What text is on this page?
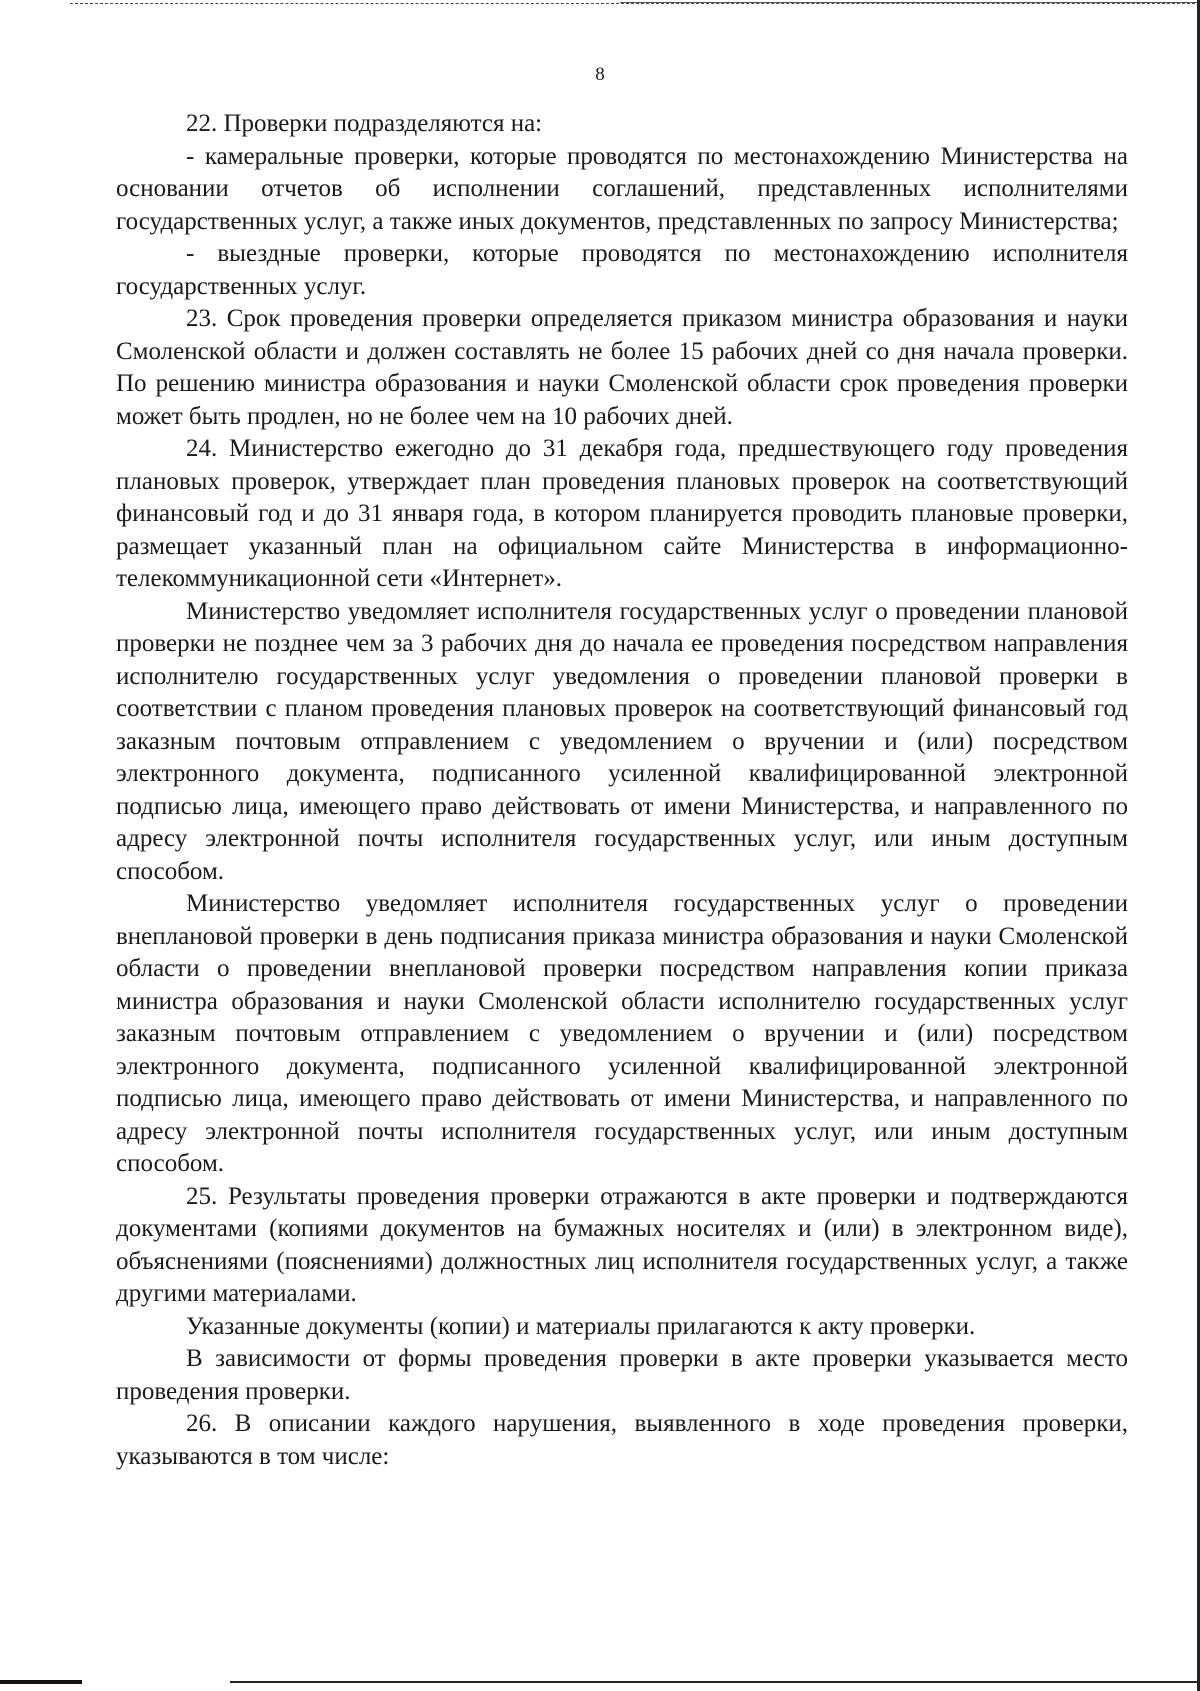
8

22. Проверки подразделяются на:

- камеральные проверки, которые проводятся по местонахождению Министерства на основании отчетов об исполнении соглашений, представленных исполнителями государственных услуг, а также иных документов, представленных по запросу Министерства;

- выездные проверки, которые проводятся по местонахождению исполнителя государственных услуг.

23. Срок проведения проверки определяется приказом министра образования и науки Смоленской области и должен составлять не более 15 рабочих дней со дня начала проверки. По решению министра образования и науки Смоленской области срок проведения проверки может быть продлен, но не более чем на 10 рабочих дней.

24. Министерство ежегодно до 31 декабря года, предшествующего году проведения плановых проверок, утверждает план проведения плановых проверок на соответствующий финансовый год и до 31 января года, в котором планируется проводить плановые проверки, размещает указанный план на официальном сайте Министерства в информационно-телекоммуникационной сети «Интернет».

Министерство уведомляет исполнителя государственных услуг о проведении плановой проверки не позднее чем за 3 рабочих дня до начала ее проведения посредством направления исполнителю государственных услуг уведомления о проведении плановой проверки в соответствии с планом проведения плановых проверок на соответствующий финансовый год заказным почтовым отправлением с уведомлением о вручении и (или) посредством электронного документа, подписанного усиленной квалифицированной электронной подписью лица, имеющего право действовать от имени Министерства, и направленного по адресу электронной почты исполнителя государственных услуг, или иным доступным способом.

Министерство уведомляет исполнителя государственных услуг о проведении внеплановой проверки в день подписания приказа министра образования и науки Смоленской области о проведении внеплановой проверки посредством направления копии приказа министра образования и науки Смоленской области исполнителю государственных услуг заказным почтовым отправлением с уведомлением о вручении и (или) посредством электронного документа, подписанного усиленной квалифицированной электронной подписью лица, имеющего право действовать от имени Министерства, и направленного по адресу электронной почты исполнителя государственных услуг, или иным доступным способом.

25. Результаты проведения проверки отражаются в акте проверки и подтверждаются документами (копиями документов на бумажных носителях и (или) в электронном виде), объяснениями (пояснениями) должностных лиц исполнителя государственных услуг, а также другими материалами.

Указанные документы (копии) и материалы прилагаются к акту проверки.

В зависимости от формы проведения проверки в акте проверки указывается место проведения проверки.

26. В описании каждого нарушения, выявленного в ходе проведения проверки, указываются в том числе:
